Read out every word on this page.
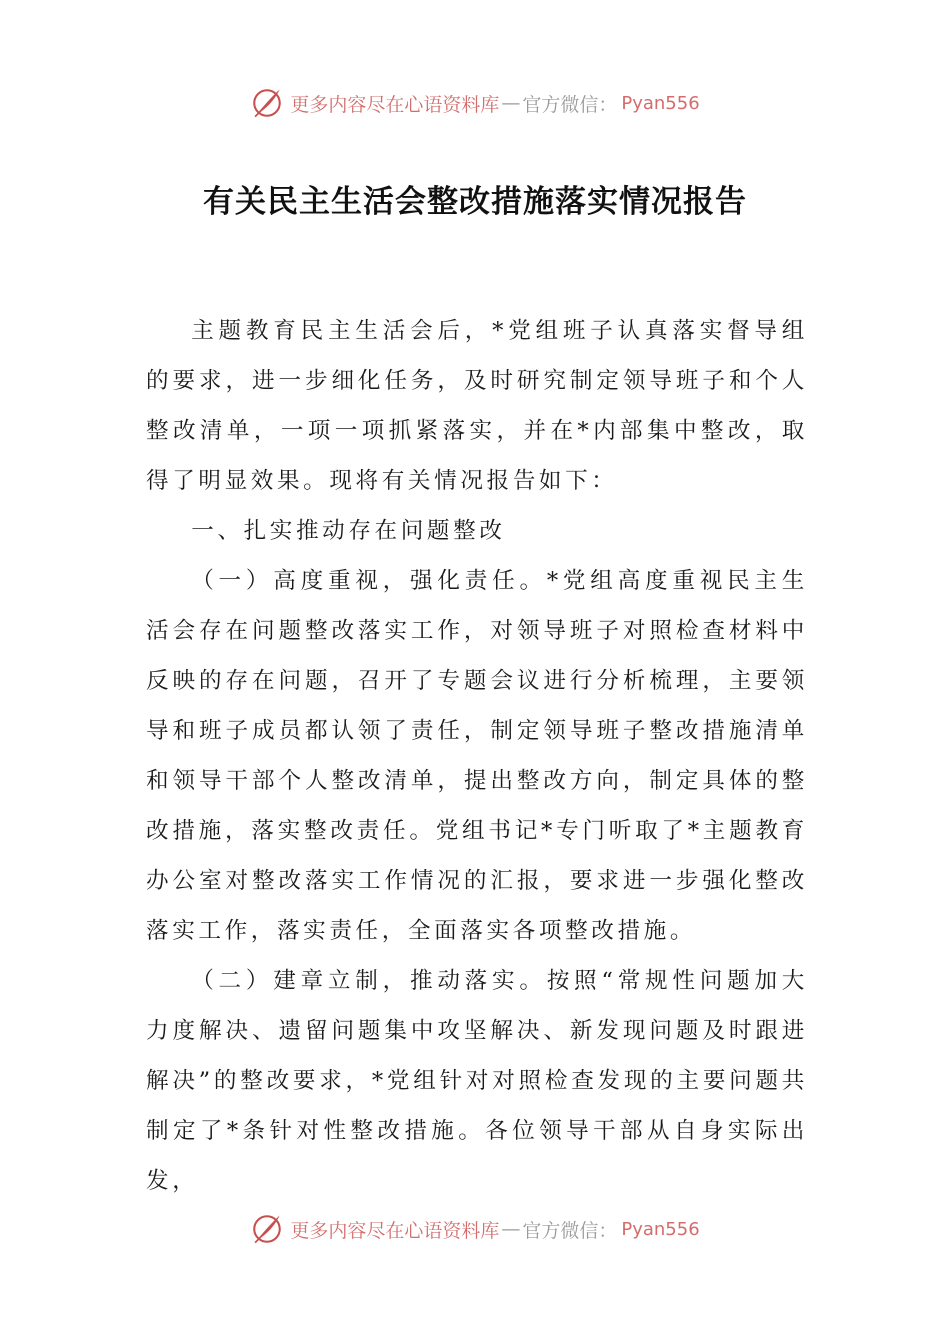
更多内容尽在心语资料库 — 官方微信： Pyan556
有关民主生活会整改措施落实情况报告

主题教育民主生活会后，*党组班子认真落实督导组的要求，进一步细化任务，及时研究制定领导班子和个人整改清单，一项一项抓紧落实，并在*内部集中整改，取得了明显效果。现将有关情况报告如下：

一、扎实推动存在问题整改

（一）高度重视，强化责任。*党组高度重视民主生活会存在问题整改落实工作，对领导班子对照检查材料中反映的存在问题，召开了专题会议进行分析梳理，主要领导和班子成员都认领了责任，制定领导班子整改措施清单和领导干部个人整改清单，提出整改方向，制定具体的整改措施，落实整改责任。党组书记*专门听取了*主题教育办公室对整改落实工作情况的汇报，要求进一步强化整改落实工作，落实责任，全面落实各项整改措施。

（二）建章立制，推动落实。按照“常规性问题加大力度解决、遗留问题集中攻坚解决、新发现问题及时跟进解决”的整改要求，*党组针对对照检查发现的主要问题共制定了*条针对性整改措施。各位领导干部从自身实际出发，

更多内容尽在心语资料库 — 官方微信： Pyan556
